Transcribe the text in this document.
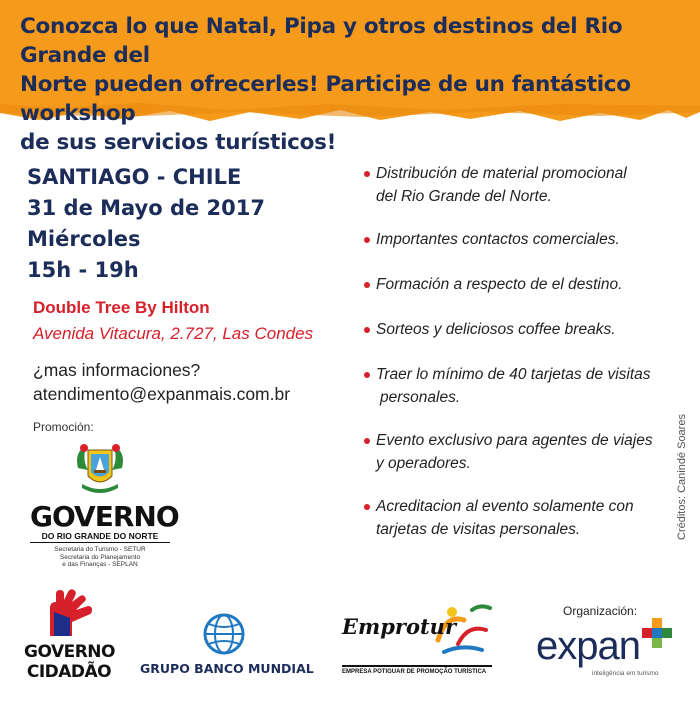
Conozca lo que Natal, Pipa y otros destinos del Rio Grande del
Norte pueden ofrecerles! Participe de un fantástico workshop
de sus servicios turísticos!
SANTIAGO - CHILE
31 de Mayo de 2017
Miércoles
15h - 19h
Double Tree By Hilton
Avenida Vitacura, 2.727, Las Condes
¿mas informaciones?
atendimento@expanmais.com.br
Promoción:
GOVERNO
DO RIO GRANDE DO NORTE
Secretaria do Turismo - SETUR
Secretaria do Planejamento
e das Finanças - SEPLAN
Distribución de material promocional
del Rio Grande del Norte.
Importantes contactos comerciales.
Formación a respecto de el destino.
Sorteos y deliciosos coffee breaks.
Traer lo mínimo de 40 tarjetas de visitas
personales.
Evento exclusivo para agentes de viajes
y operadores.
Acreditacion al evento solamente con
tarjetas de visitas personales.	Créditos: Canindé Soares
GOVERNO
CIDADÃO GRUPO BANCO MUNDIAL
Emprotur
EMPRESA POTIGUAR DE PROMOÇÃO TURÍSTICA
Organización:
expan
inteligência em turismo
